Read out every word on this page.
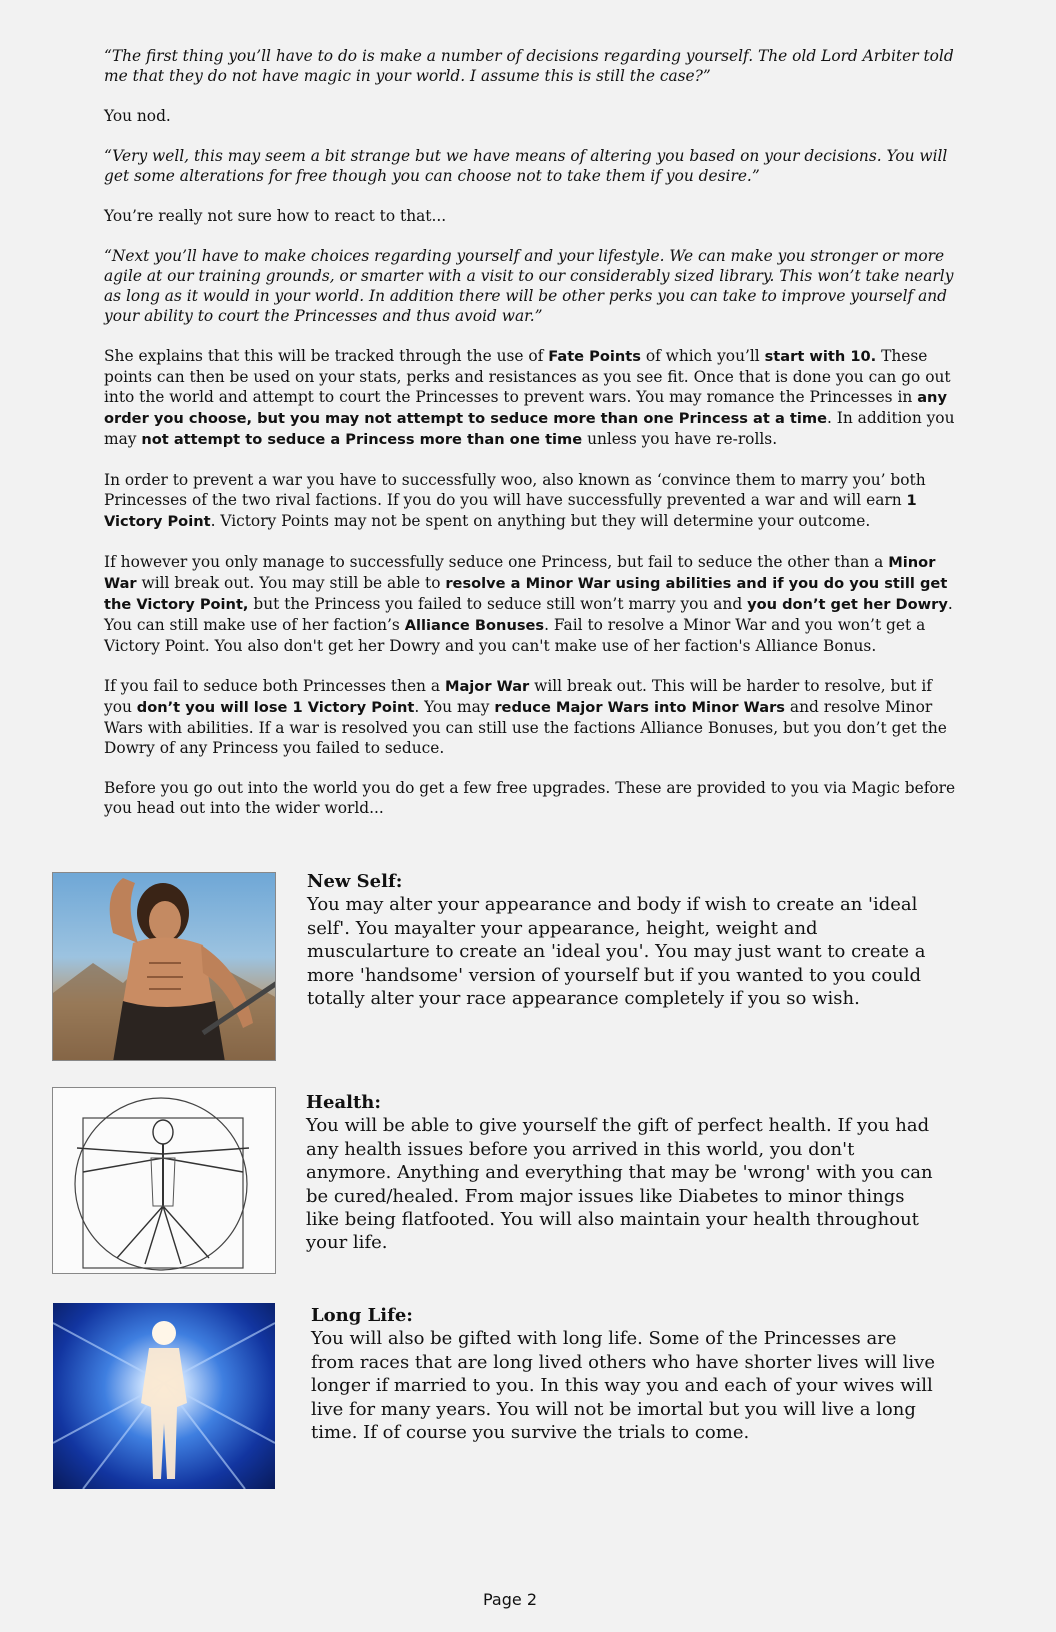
“The first thing you’ll have to do is make a number of decisions regarding yourself. The old Lord Arbiter told me that they do not have magic in your world. I assume this is still the case?”

You nod.

“Very well, this may seem a bit strange but we have means of altering you based on your decisions. You will get some alterations for free though you can choose not to take them if you desire.”

You’re really not sure how to react to that...

“Next you’ll have to make choices regarding yourself and your lifestyle. We can make you stronger or more agile at our training grounds, or smarter with a visit to our considerably sized library. This won’t take nearly as long as it would in your world. In addition there will be other perks you can take to improve yourself and your ability to court the Princesses and thus avoid war.”

She explains that this will be tracked through the use of Fate Points of which you’ll start with 10. These points can then be used on your stats, perks and resistances as you see fit. Once that is done you can go out into the world and attempt to court the Princesses to prevent wars. You may romance the Princesses in any order you choose, but you may not attempt to seduce more than one Princess at a time. In addition you may not attempt to seduce a Princess more than one time unless you have re-rolls.

In order to prevent a war you have to successfully woo, also known as ‘convince them to marry you’ both Princesses of the two rival factions. If you do you will have successfully prevented a war and will earn 1 Victory Point. Victory Points may not be spent on anything but they will determine your outcome.

If however you only manage to successfully seduce one Princess, but fail to seduce the other than a Minor War will break out. You may still be able to resolve a Minor War using abilities and if you do you still get the Victory Point, but the Princess you failed to seduce still won’t marry you and you don’t get her Dowry. You can still make use of her faction’s Alliance Bonuses. Fail to resolve a Minor War and you won’t get a Victory Point. You also don't get her Dowry and you can't make use of her faction's Alliance Bonus.

If you fail to seduce both Princesses then a Major War will break out. This will be harder to resolve, but if you don’t you will lose 1 Victory Point. You may reduce Major Wars into Minor Wars and resolve Minor Wars with abilities. If a war is resolved you can still use the factions Alliance Bonuses, but you don’t get the Dowry of any Princess you failed to seduce.

Before you go out into the world you do get a few free upgrades. These are provided to you via Magic before you head out into the wider world...

New Self:
You may alter your appearance and body if wish to create an 'ideal self'. You mayalter your appearance, height, weight and muscularture to create an 'ideal you'. You may just want to create a more 'handsome' version of yourself but if you wanted to you could totally alter your race appearance completely if you so wish.
Health:
You will be able to give yourself the gift of perfect health. If you had any health issues before you arrived in this world, you don't anymore. Anything and everything that may be 'wrong' with you can be cured/healed. From major issues like Diabetes to minor things like being flatfooted. You will also maintain your health throughout your life.
Long Life:
You will also be gifted with long life. Some of the Princesses are from races that are long lived others who have shorter lives will live longer if married to you. In this way you and each of your wives will live for many years. You will not be imortal but you will live a long time. If of course you survive the trials to come.
Page 2
